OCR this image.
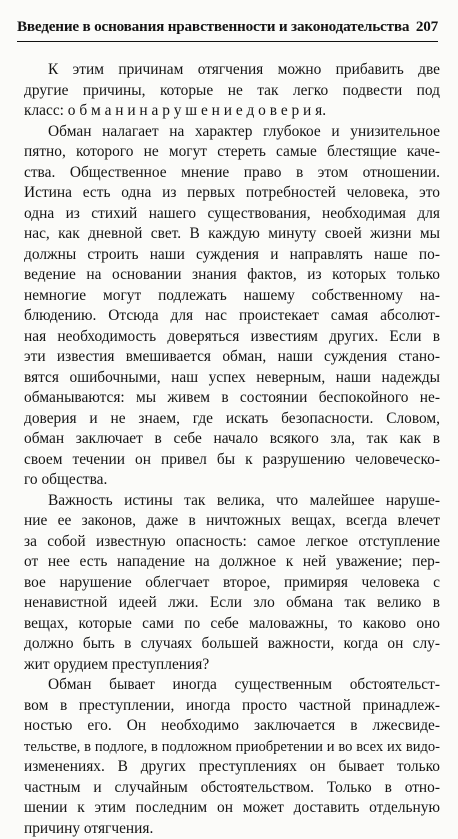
Введение в основания нравственности и законодательства 207
К этим причинам отягчения можно прибавить две
другие причины, которые не так легко подвести под
класс: о б м а н и н а р у ш е н и е д о в е р и я.
Обман налагает на характер глубокое и унизительное
пятно, которого не могут стереть самые блестящие каче-
ства. Общественное мнение право в этом отношении.
Истина есть одна из первых потребностей человека, это
одна из стихий нашего существования, необходимая для
нас, как дневной свет. В каждую минуту своей жизни мы
должны строить наши суждения и направлять наше по-
ведение на основании знания фактов, из которых только
немногие могут подлежать нашему собственному на-
блюдению. Отсюда для нас проистекает самая абсолют-
ная необходимость доверяться известиям других. Если в
эти известия вмешивается обман, наши суждения стано-
вятся ошибочными, наш успех неверным, наши надежды
обманываются: мы живем в состоянии беспокойного не-
доверия и не знаем, где искать безопасности. Словом,
обман заключает в себе начало всякого зла, так как в
своем течении он привел бы к разрушению человеческо-
го общества.
Важность истины так велика, что малейшее наруше-
ние ее законов, даже в ничтожных вещах, всегда влечет
за собой известную опасность: самое легкое отступление
от нее есть нападение на должное к ней уважение; пер-
вое нарушение облегчает второе, примиряя человека с
ненавистной идеей лжи. Если зло обмана так велико в
вещах, которые сами по себе маловажны, то каково оно
должно быть в случаях большей важности, когда он слу-
жит орудием преступления?
Обман бывает иногда существенным обстоятельст-
вом в преступлении, иногда просто частной принадлеж-
ностью его. Он необходимо заключается в лжесвиде-
тельстве, в подлоге, в подложном приобретении и во всех их видо-
изменениях. В других преступлениях он бывает только
частным и случайным обстоятельством. Только в отно-
шении к этим последним он может доставить отдельную
причину отягчения.
